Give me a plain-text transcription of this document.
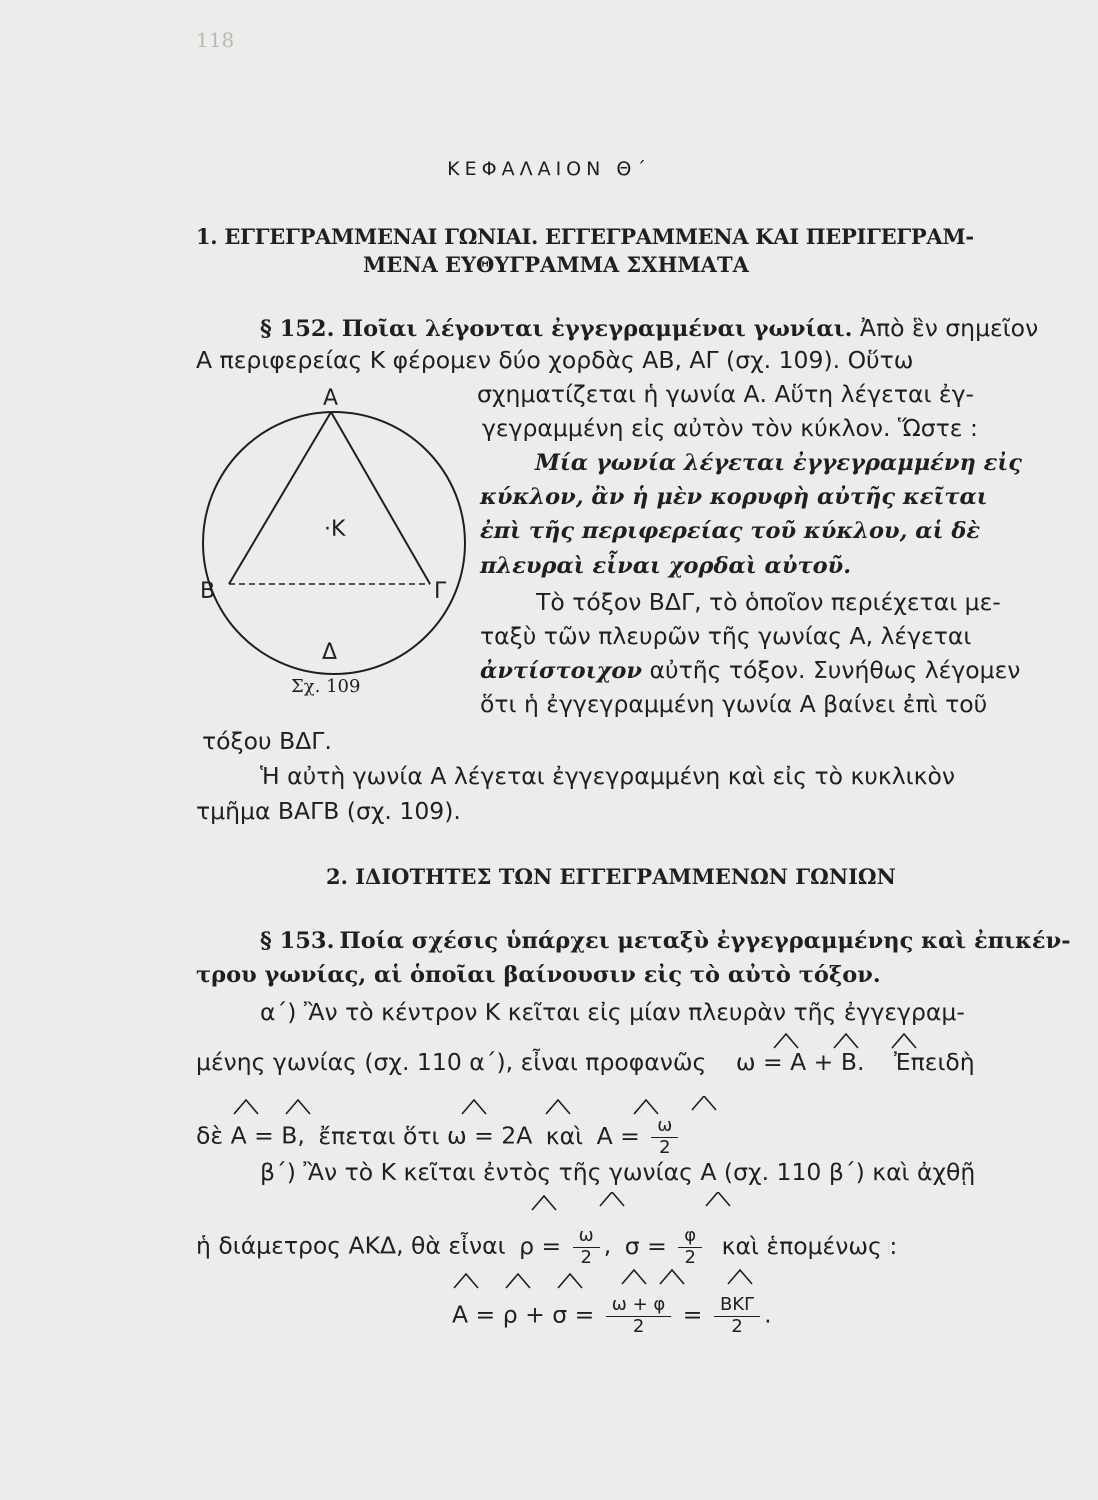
118
ΚΕΦΑΛΑΙΟΝ Θ΄
1. ΕΓΓΕΓΡΑΜΜΕΝΑΙ ΓΩΝΙΑΙ. ΕΓΓΕΓΡΑΜΜΕΝΑ ΚΑΙ ΠΕΡΙΓΕΓΡΑΜ-
ΜΕΝΑ ΕΥΘΥΓΡΑΜΜΑ ΣΧΗΜΑΤΑ
§ 152. Ποῖαι λέγονται ἐγγεγραμμέναι γωνίαι. Ἀπὸ ἓν σημεῖον
Α περιφερείας Κ φέρομεν δύο χορδὰς ΑΒ, ΑΓ (σχ. 109). Οὕτω
σχηματίζεται ἡ γωνία Α. Αὕτη λέγεται ἐγ-
γεγραμμένη εἰς αὐτὸν τὸν κύκλον. Ὥστε :
Μία γωνία λέγεται ἐγγεγραμμένη εἰς
κύκλον, ἂν ἡ μὲν κορυφὴ αὐτῆς κεῖται
ἐπὶ τῆς περιφερείας τοῦ κύκλου, αἱ δὲ
πλευραὶ εἶναι χορδαὶ αὐτοῦ.
Τὸ τόξον ΒΔΓ, τὸ ὁποῖον περιέχεται με-
ταξὺ τῶν πλευρῶν τῆς γωνίας Α, λέγεται
ἀντίστοιχον αὐτῆς τόξον. Συνήθως λέγομεν
ὅτι ἡ ἐγγεγραμμένη γωνία Α βαίνει ἐπὶ τοῦ
τόξου ΒΔΓ.
Ἡ αὐτὴ γωνία Α λέγεται ἐγγεγραμμένη καὶ εἰς τὸ κυκλικὸν
τμῆμα ΒΑΓΒ (σχ. 109).
Α
Β	Γ
Δ
·Κ
Σχ. 109
2. ΙΔΙΟΤΗΤΕΣ ΤΩΝ ΕΓΓΕΓΡΑΜΜΕΝΩΝ ΓΩΝΙΩΝ
§ 153. Ποία σχέσις ὑπάρχει μεταξὺ ἐγγεγραμμένης καὶ ἐπικέν-
τρου γωνίας, αἱ ὁποῖαι βαίνουσιν εἰς τὸ αὐτὸ τόξον.
α΄) Ἂν τὸ κέντρον Κ κεῖται εἰς μίαν πλευρὰν τῆς ἐγγεγραμ-
μένης γωνίας (σχ. 110 α΄), εἶναι προφανῶς ω = Α + Β. Ἐπειδὴ
δὲ Α = Β, ἔπεται ὅτι ω = 2Α καὶ $A = \frac{\omega}{2}$
β΄) Ἂν τὸ Κ κεῖται ἐντὸς τῆς γωνίας Α (σχ. 110 β΄) καὶ ἀχθῇ
ἡ διάμετρος ΑΚΔ, θὰ εἶναι $\rho = \frac{\omega}{2}$ , $\sigma = \frac{\varphi}{2}$ καὶ ἑπομένως :
$A = \rho + \sigma = \frac{\omega + \varphi}{2} = \frac{\text{ΒΚΓ}}{2}$ .
